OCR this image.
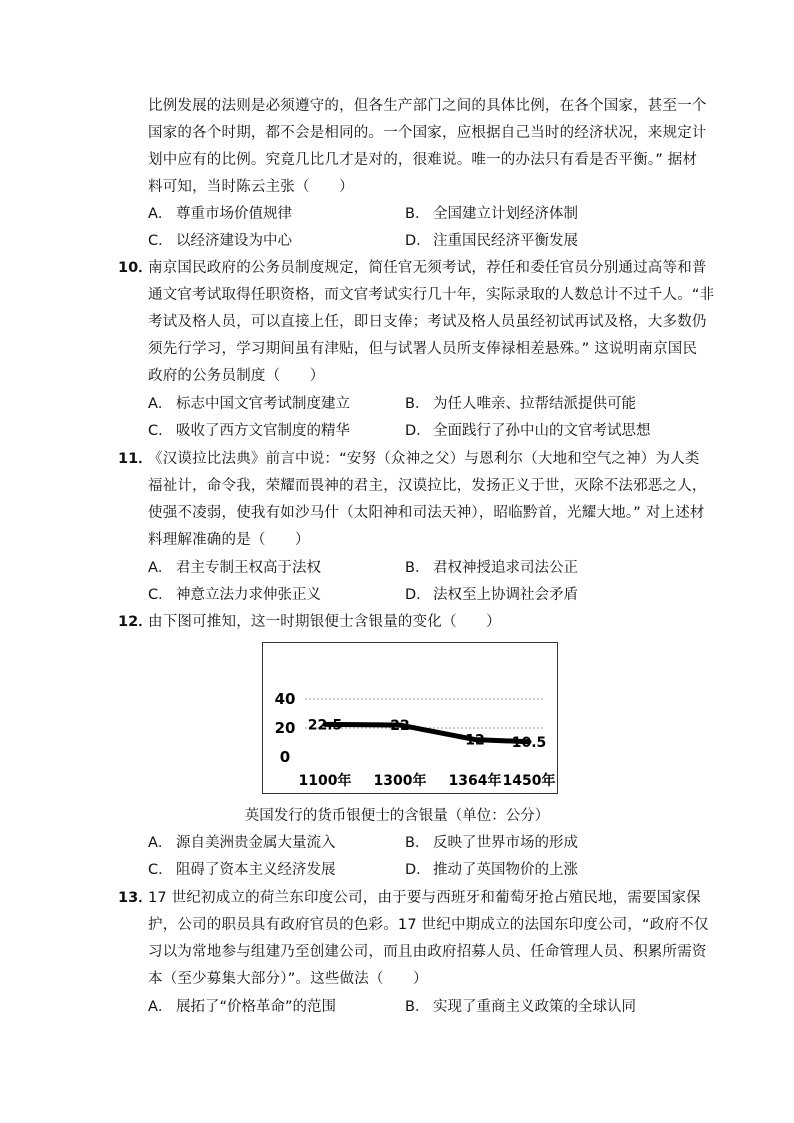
比例发展的法则是必须遵守的，但各生产部门之间的具体比例，在各个国家，甚至一个
国家的各个时期，都不会是相同的。一个国家，应根据自己当时的经济状况，来规定计
划中应有的比例。究竟几比几才是对的，很难说。唯一的办法只有看是否平衡。” 据材
料可知，当时陈云主张（　　）
A． 尊重市场价值规律	B． 全国建立计划经济体制
C． 以经济建设为中心	D． 注重国民经济平衡发展
10．
南京国民政府的公务员制度规定，简任官无须考试，荐任和委任官员分别通过高等和普
通文官考试取得任职资格，而文官考试实行几十年，实际录取的人数总计不过千人。“非
考试及格人员，可以直接上任，即日支俸；考试及格人员虽经初试再试及格，大多数仍
须先行学习，学习期间虽有津贴，但与试署人员所支俸禄相差悬殊。” 这说明南京国民
政府的公务员制度（　　）
A． 标志中国文官考试制度建立	B． 为任人唯亲、拉帮结派提供可能
C． 吸收了西方文官制度的精华	D． 全面践行了孙中山的文官考试思想
11．
《汉谟拉比法典》前言中说：“安努（众神之父）与恩利尔（大地和空气之神）为人类
福祉计，命令我，荣耀而畏神的君主，汉谟拉比，发扬正义于世，灭除不法邪恶之人，
使强不凌弱，使我有如沙马什（太阳神和司法天神），昭临黔首，光耀大地。” 对上述材
料理解准确的是（　　）
A． 君主专制王权高于法权	B． 君权神授追求司法公正
C． 神意立法力求伸张正义	D． 法权至上协调社会矛盾
12．
由下图可推知，这一时期银便士含银量的变化（　　）
0
20
40
22.5	22
12 10.5
1100年 1300年 1364年 1450年
英国发行的货币银便士的含银量（单位：公分）
A． 源自美洲贵金属大量流入	B． 反映了世界市场的形成
C． 阻碍了资本主义经济发展	D． 推动了英国物价的上涨
13．
17 世纪初成立的荷兰东印度公司，由于要与西班牙和葡萄牙抢占殖民地，需要国家保
护，公司的职员具有政府官员的色彩。17 世纪中期成立的法国东印度公司，“政府不仅
习以为常地参与组建乃至创建公司，而且由政府招募人员、任命管理人员、积累所需资
本（至少募集大部分）”。这些做法（　　）
A． 展拓了“价格革命”的范围	B． 实现了重商主义政策的全球认同
